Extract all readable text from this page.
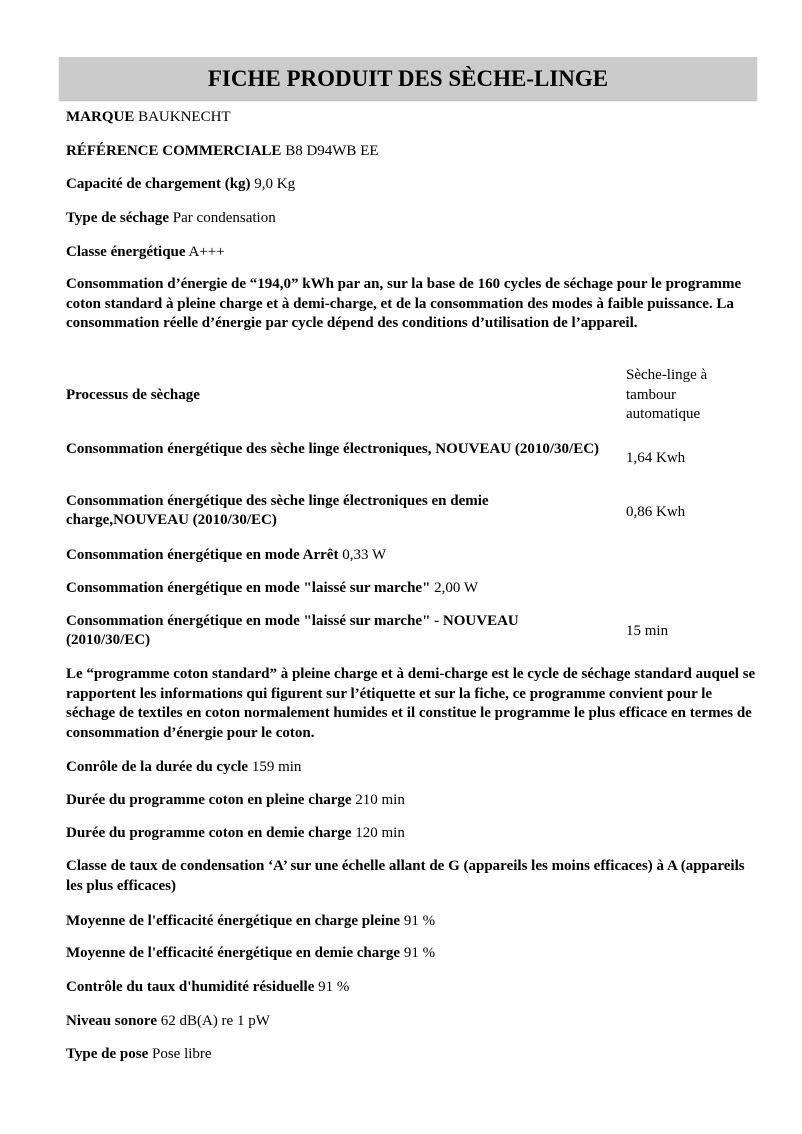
FICHE PRODUIT DES SÈCHE-LINGE
MARQUE BAUKNECHT
RÉFÉRENCE COMMERCIALE B8 D94WB EE
Capacité de chargement (kg) 9,0 Kg
Type de séchage Par condensation
Classe énergétique A+++
Consommation d’énergie de “194,0” kWh par an, sur la base de 160 cycles de séchage pour le programme coton standard à pleine charge et à demi-charge, et de la consommation des modes à faible puissance. La consommation réelle d’énergie par cycle dépend des conditions d’utilisation de l’appareil.
Processus de sèchage
Sèche-linge à tambour automatique
Consommation énergétique des sèche linge électroniques, NOUVEAU (2010/30/EC)
1,64 Kwh
Consommation énergétique des sèche linge électroniques en demie charge,NOUVEAU (2010/30/EC)	0,86 Kwh
Consommation énergétique en mode Arrêt 0,33 W
Consommation énergétique en mode "laissé sur marche" 2,00 W
Consommation énergétique en mode "laissé sur marche" - NOUVEAU (2010/30/EC)
15 min
Le “programme coton standard” à pleine charge et à demi-charge est le cycle de séchage standard auquel se rapportent les informations qui figurent sur l’étiquette et sur la fiche, ce programme convient pour le séchage de textiles en coton normalement humides et il constitue le programme le plus efficace en termes de consommation d’énergie pour le coton.
Conrôle de la durée du cycle 159 min
Durée du programme coton en pleine charge 210 min
Durée du programme coton en demie charge 120 min
Classe de taux de condensation ‘A’ sur une échelle allant de G (appareils les moins efficaces) à A (appareils les plus efficaces)
Moyenne de l'efficacité énergétique en charge pleine 91 %
Moyenne de l'efficacité énergétique en demie charge 91 %
Contrôle du taux d'humidité résiduelle 91 %
Niveau sonore 62 dB(A) re 1 pW
Type de pose Pose libre
